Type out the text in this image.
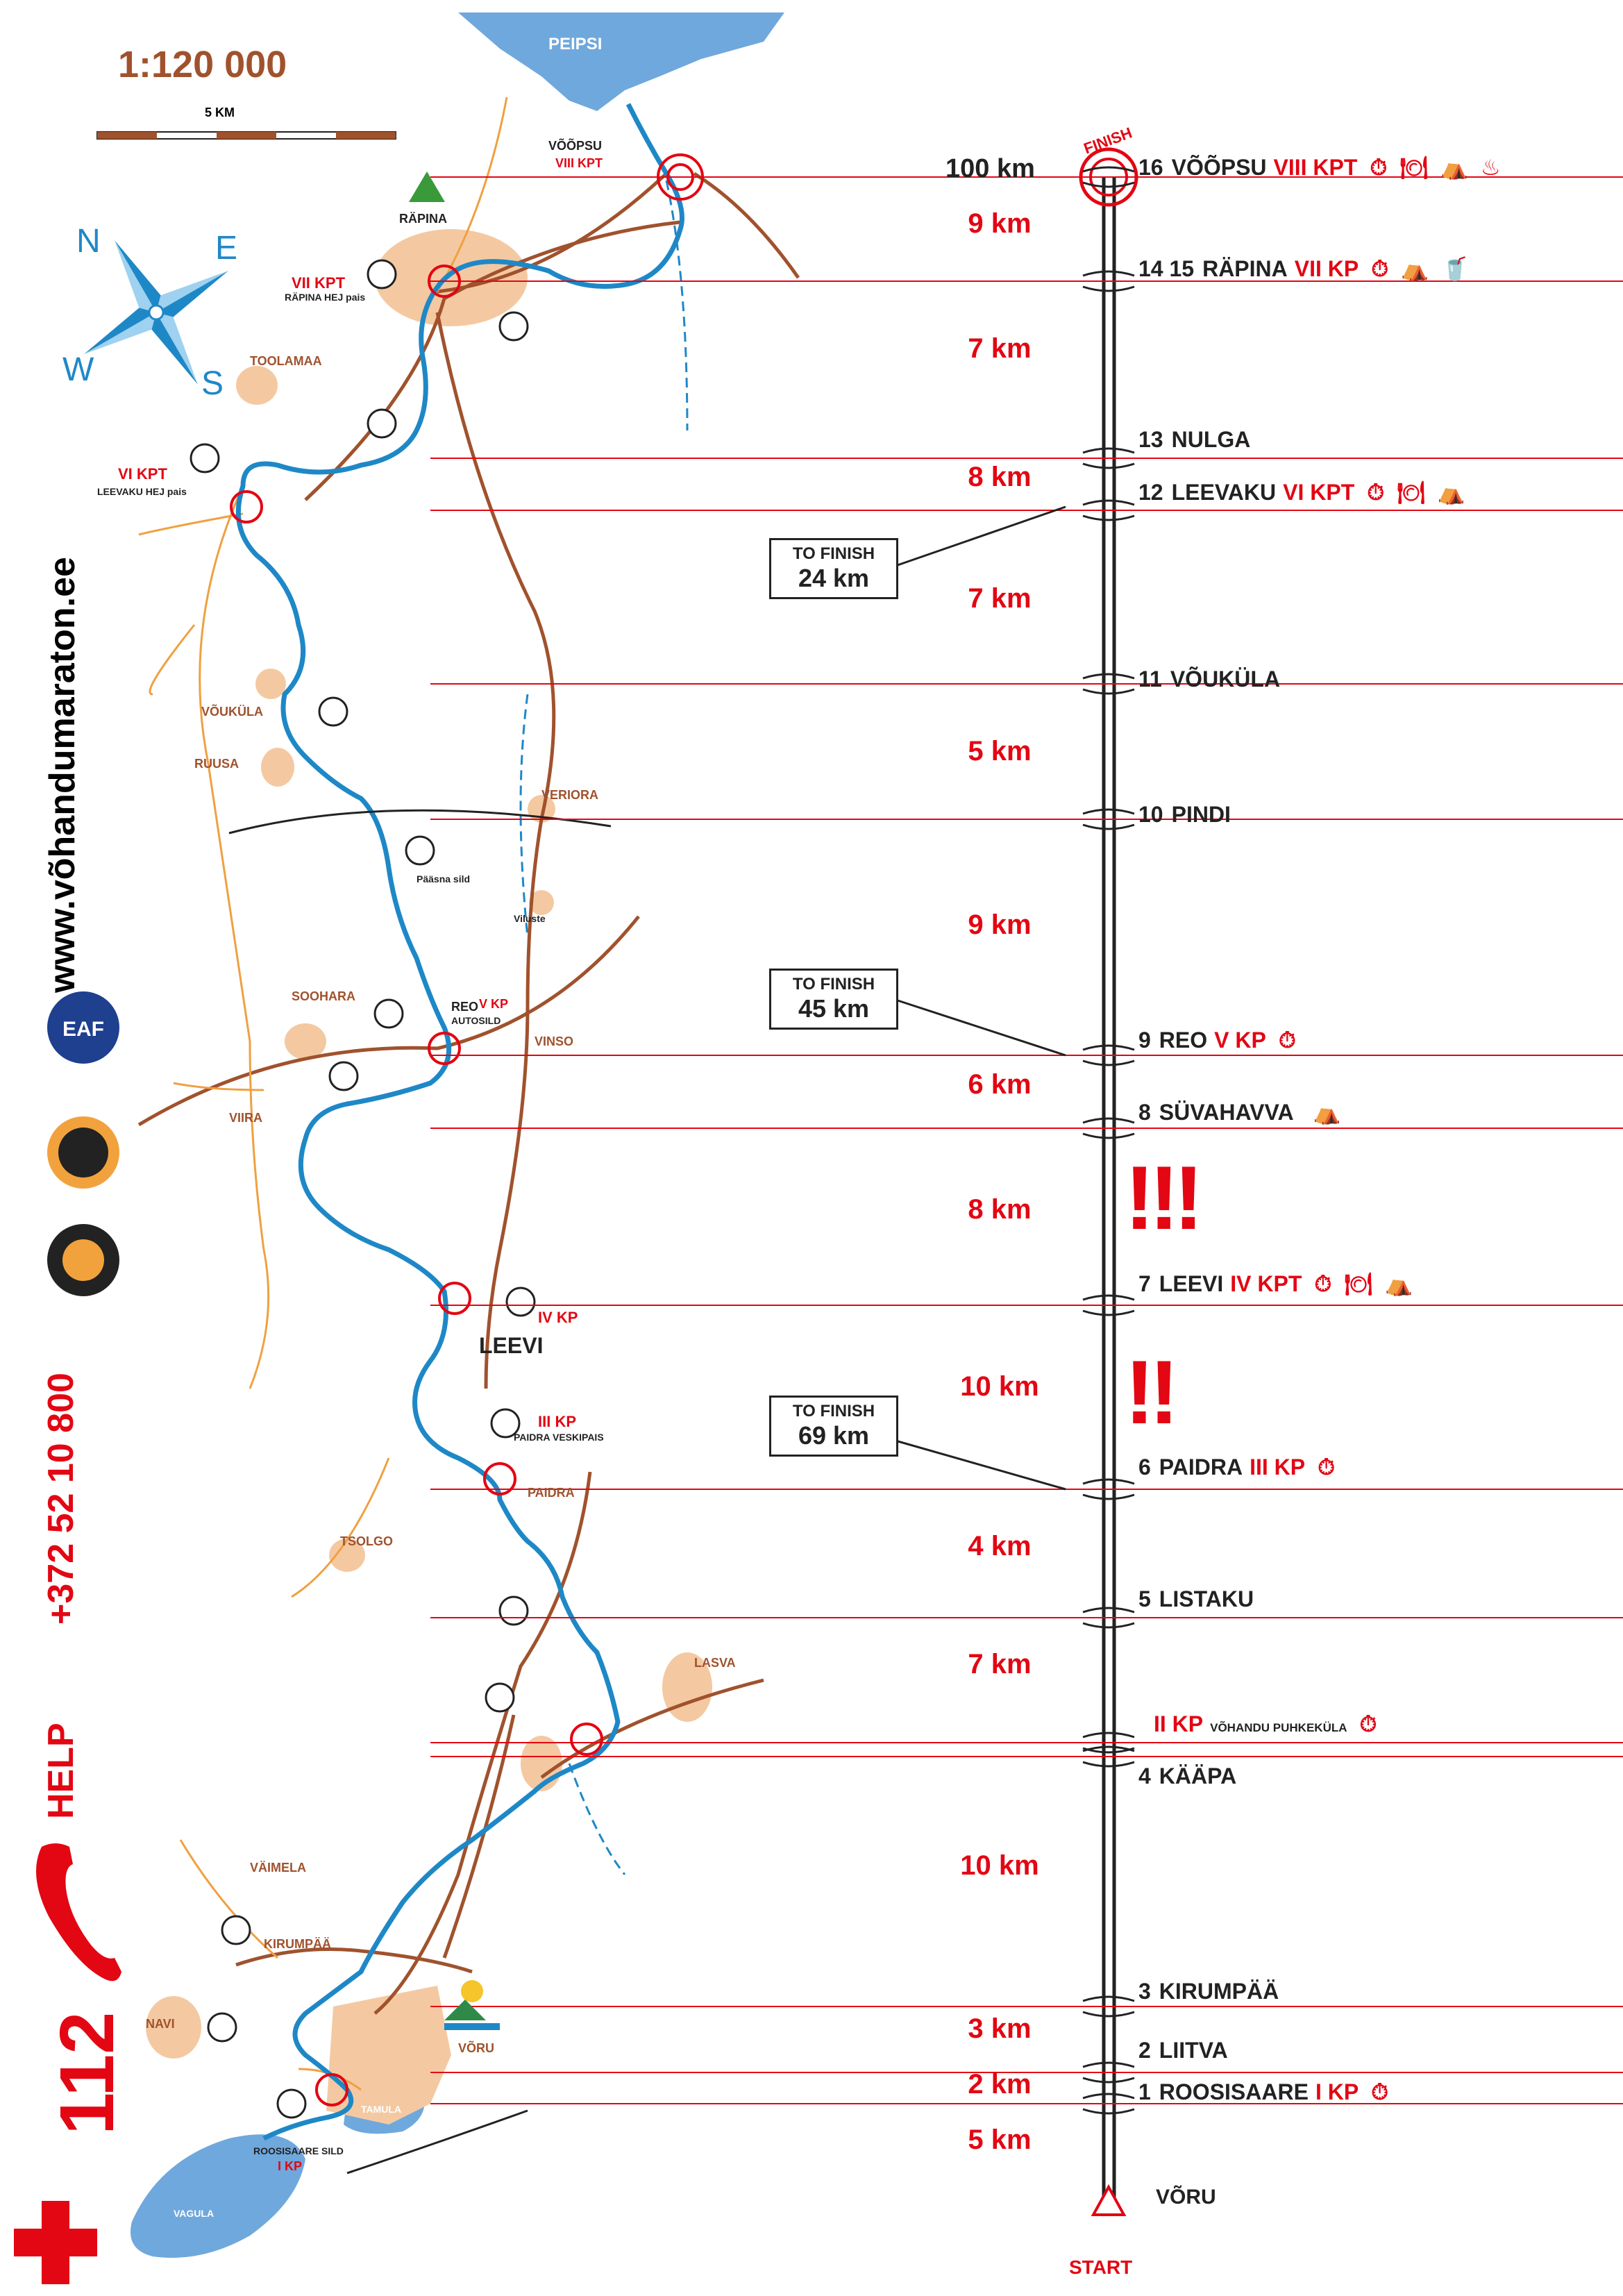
EAF
1:120 000
5 KM
N	E
S
W
www.võhandumaraton.ee
+372 52 10 800
HELP
112
PEIPSI
VAGULA
TAMULA
VÕÕPSU
VIII KPT
VII KPT
RÄPINA HEJ pais
RÄPINA
TOOLAMAA
VI KPT
LEEVAKU HEJ pais
VÕUKÜLA
RUUSA
VERIORA
Pääsna sild
Viluste
SOOHARA
REO V KP
AUTOSILD
VINSO
VIIRA
IV KP
LEEVI
III KP
PAIDRA VESKIPAIS
PAIDRA
TSOLGO
LASVA
VÄIMELA
KIRUMPÄÄ
NAVI
ROOSISAARE SILD
I KP
VÕRU
100 km
FINISH
START
VÕRU
9 km
7 km
8 km
7 km
5 km
9 km
6 km
8 km
10 km
4 km
7 km
10 km
3 km
2 km
5 km
16 VÕÕPSU VIII KPT ⏱ 🍽 ⛺ ♨
14 15 RÄPINA VII KP ⏱ ⛺ 🥤
13 NULGA
12 LEEVAKU VI KPT ⏱ 🍽 ⛺
11 VÕUKÜLA
10 PINDI
9 REO V KP ⏱
8 SÜVAHAVVA ⛺
7 LEEVI IV KPT ⏱ 🍽 ⛺
6 PAIDRA III KP ⏱
5 LISTAKU
II KP VÕHANDU PUHKEKÜLA ⏱
4 KÄÄPA
3 KIRUMPÄÄ
2 LIITVA
1 ROOSISAARE I KP ⏱
TO FINISH
24 km
TO FINISH
45 km
TO FINISH
69 km
!!!
!!
